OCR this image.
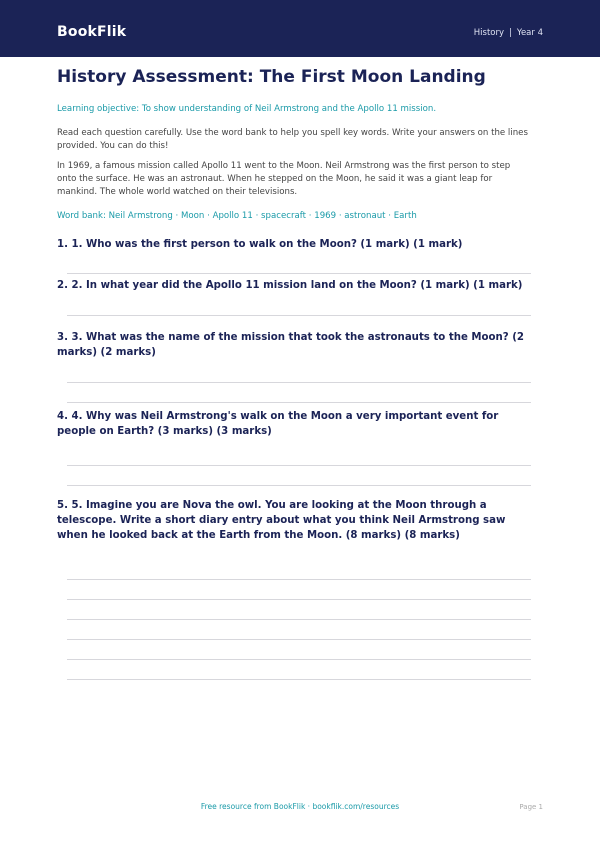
BookFlik	History | Year 4
History Assessment: The First Moon Landing

Learning objective: To show understanding of Neil Armstrong and the Apollo 11 mission.

Read each question carefully. Use the word bank to help you spell key words. Write your answers on the lines provided. You can do this!

In 1969, a famous mission called Apollo 11 went to the Moon. Neil Armstrong was the first person to step onto the surface. He was an astronaut. When he stepped on the Moon, he said it was a giant leap for mankind. The whole world watched on their televisions.

Word bank: Neil Armstrong · Moon · Apollo 11 · spacecraft · 1969 · astronaut · Earth

1. 1. Who was the first person to walk on the Moon? (1 mark) (1 mark)
2. 2. In what year did the Apollo 11 mission land on the Moon? (1 mark) (1 mark)
3. 3. What was the name of the mission that took the astronauts to the Moon? (2 marks) (2 marks)
4. 4. Why was Neil Armstrong's walk on the Moon a very important event for people on Earth? (3 marks) (3 marks)
5. 5. Imagine you are Nova the owl. You are looking at the Moon through a telescope. Write a short diary entry about what you think Neil Armstrong saw when he looked back at the Earth from the Moon. (8 marks) (8 marks)
Free resource from BookFlik · bookflik.com/resources	Page 1
